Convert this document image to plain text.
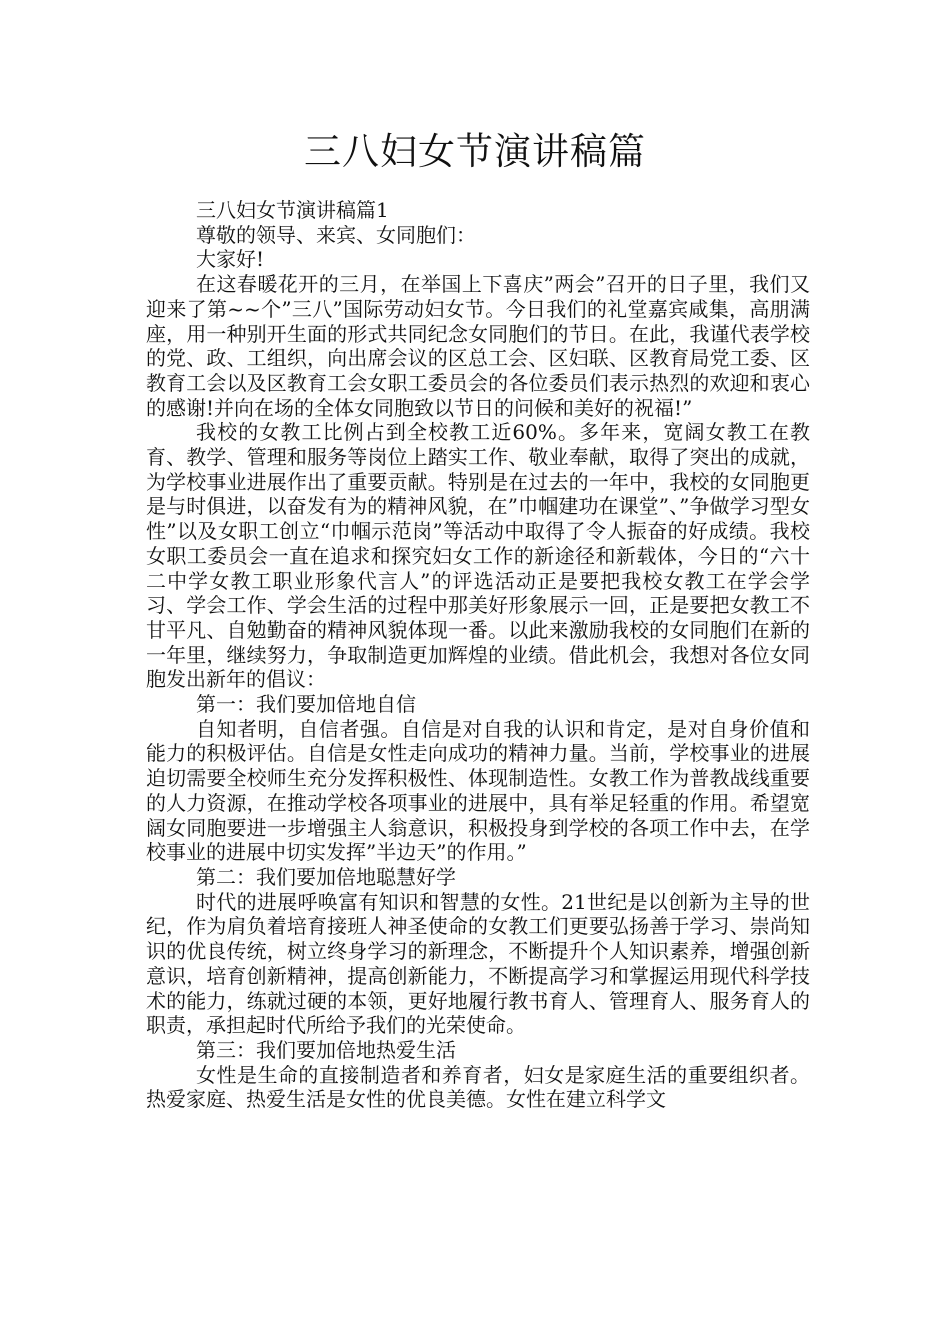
三八妇女节演讲稿篇

三八妇女节演讲稿篇1

尊敬的领导、来宾、女同胞们：

大家好!

在这春暖花开的三月，在举国上下喜庆”两会”召开的日子里，我们又迎来了第~~个”三八”国际劳动妇女节。今日我们的礼堂嘉宾咸集，高朋满座，用一种别开生面的形式共同纪念女同胞们的节日。在此，我谨代表学校的党、政、工组织，向出席会议的区总工会、区妇联、区教育局党工委、区教育工会以及区教育工会女职工委员会的各位委员们表示热烈的欢迎和衷心的感谢!并向在场的全体女同胞致以节日的问候和美好的祝福!”

我校的女教工比例占到全校教工近60%。多年来，宽阔女教工在教育、教学、管理和服务等岗位上踏实工作、敬业奉献，取得了突出的成就，为学校事业进展作出了重要贡献。特别是在过去的一年中，我校的女同胞更是与时俱进，以奋发有为的精神风貌，在”巾帼建功在课堂”、”争做学习型女性”以及女职工创立“巾帼示范岗”等活动中取得了令人振奋的好成绩。我校女职工委员会一直在追求和探究妇女工作的新途径和新载体，今日的“六十二中学女教工职业形象代言人”的评选活动正是要把我校女教工在学会学习、学会工作、学会生活的过程中那美好形象展示一回，正是要把女教工不甘平凡、自勉勤奋的精神风貌体现一番。以此来激励我校的女同胞们在新的一年里，继续努力，争取制造更加辉煌的业绩。借此机会，我想对各位女同胞发出新年的倡议：

第一：我们要加倍地自信

自知者明，自信者强。自信是对自我的认识和肯定，是对自身价值和能力的积极评估。自信是女性走向成功的精神力量。当前，学校事业的进展迫切需要全校师生充分发挥积极性、体现制造性。女教工作为普教战线重要的人力资源，在推动学校各项事业的进展中，具有举足轻重的作用。希望宽阔女同胞要进一步增强主人翁意识，积极投身到学校的各项工作中去，在学校事业的进展中切实发挥”半边天”的作用。”

第二：我们要加倍地聪慧好学

时代的进展呼唤富有知识和智慧的女性。21世纪是以创新为主导的世纪，作为肩负着培育接班人神圣使命的女教工们更要弘扬善于学习、崇尚知识的优良传统，树立终身学习的新理念，不断提升个人知识素养，增强创新意识，培育创新精神，提高创新能力，不断提高学习和掌握运用现代科学技术的能力，练就过硬的本领，更好地履行教书育人、管理育人、服务育人的职责，承担起时代所给予我们的光荣使命。

第三：我们要加倍地热爱生活

女性是生命的直接制造者和养育者，妇女是家庭生活的重要组织者。热爱家庭、热爱生活是女性的优良美德。女性在建立科学文
